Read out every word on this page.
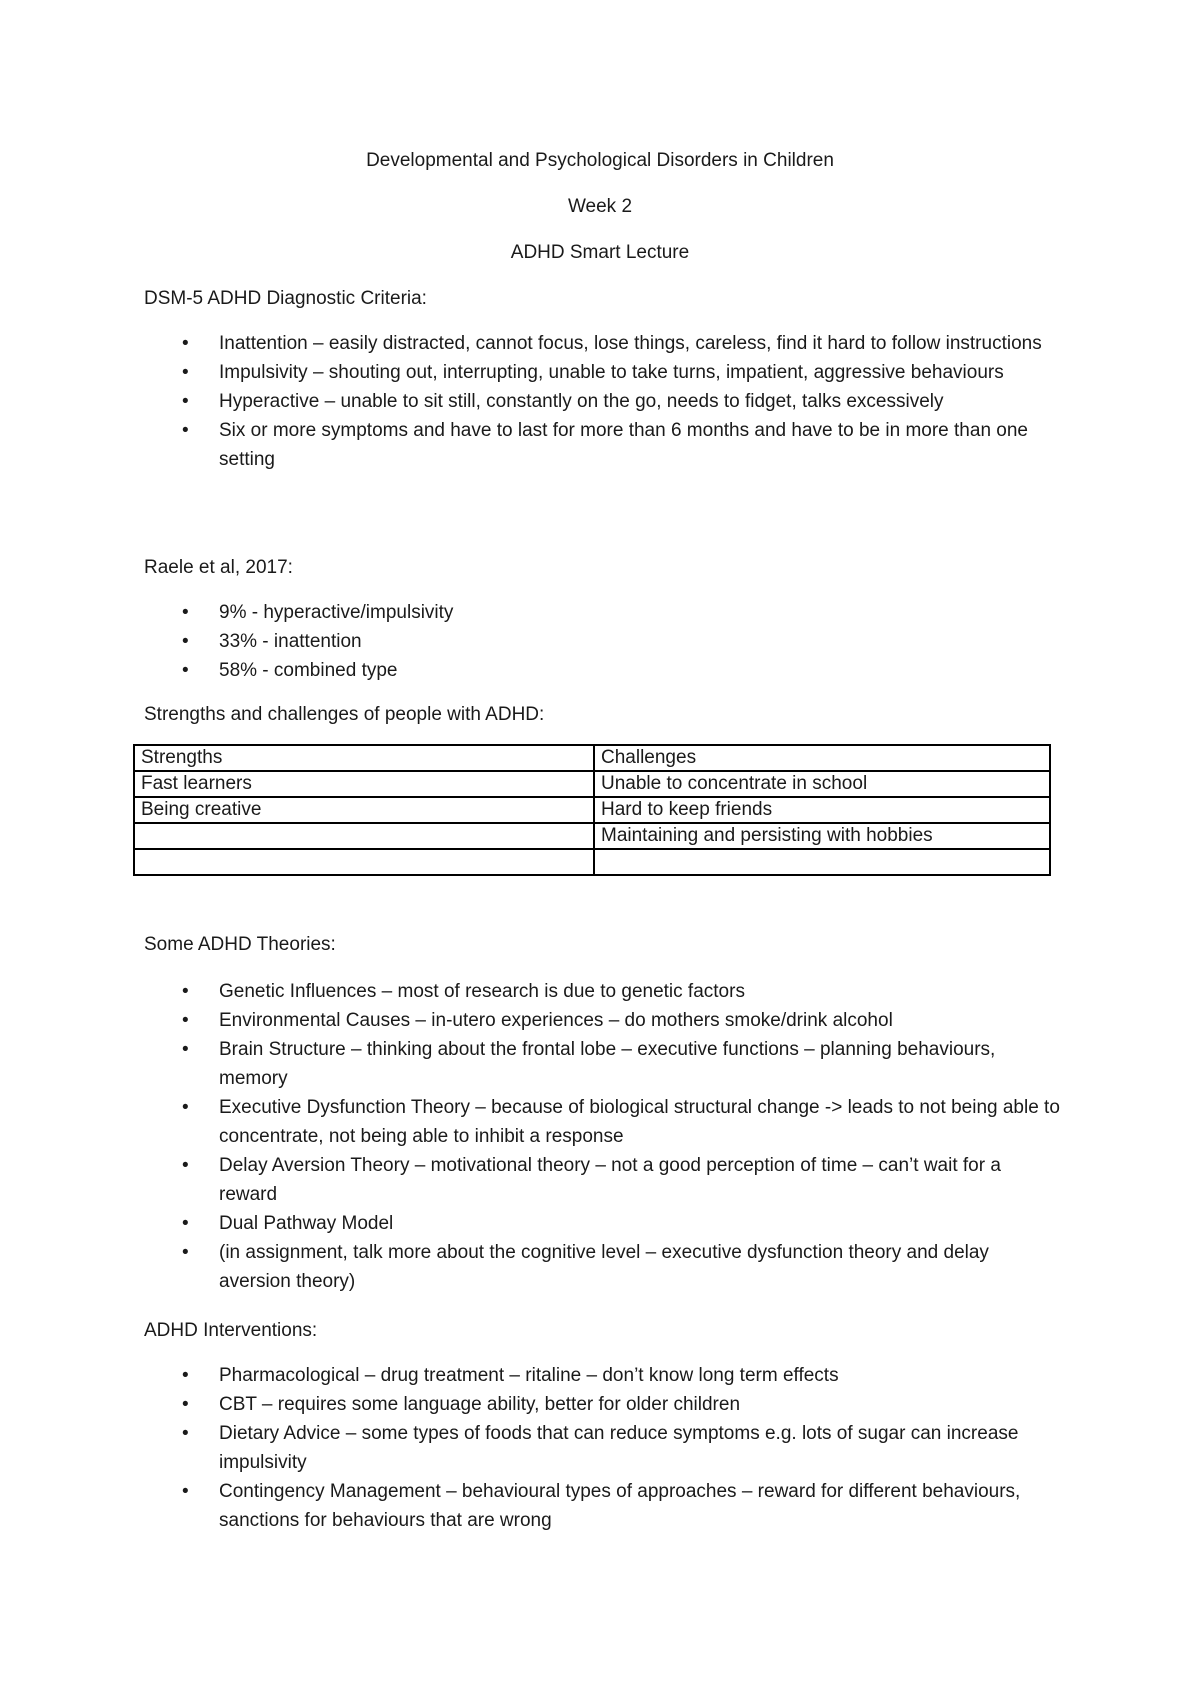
Developmental and Psychological Disorders in Children
Week 2
ADHD Smart Lecture
DSM-5 ADHD Diagnostic Criteria:
• Inattention – easily distracted, cannot focus, lose things, careless, find it hard to follow instructions
• Impulsivity – shouting out, interrupting, unable to take turns, impatient, aggressive behaviours
• Hyperactive – unable to sit still, constantly on the go, needs to fidget, talks excessively
• Six or more symptoms and have to last for more than 6 months and have to be in more than one setting
Raele et al, 2017:
• 9% - hyperactive/impulsivity
• 33% - inattention
• 58% - combined type
Strengths and challenges of people with ADHD:
Strengths	Challenges
Fast learners	Unable to concentrate in school
Being creative	Hard to keep friends
	Maintaining and persisting with hobbies

Some ADHD Theories:
• Genetic Influences – most of research is due to genetic factors
• Environmental Causes – in-utero experiences – do mothers smoke/drink alcohol
• Brain Structure – thinking about the frontal lobe – executive functions – planning behaviours, memory
• Executive Dysfunction Theory – because of biological structural change -> leads to not being able to concentrate, not being able to inhibit a response
• Delay Aversion Theory – motivational theory – not a good perception of time – can’t wait for a reward
• Dual Pathway Model
• (in assignment, talk more about the cognitive level – executive dysfunction theory and delay aversion theory)
ADHD Interventions:
• Pharmacological – drug treatment – ritaline – don’t know long term effects
• CBT – requires some language ability, better for older children
• Dietary Advice – some types of foods that can reduce symptoms e.g. lots of sugar can increase impulsivity
• Contingency Management – behavioural types of approaches – reward for different behaviours, sanctions for behaviours that are wrong
